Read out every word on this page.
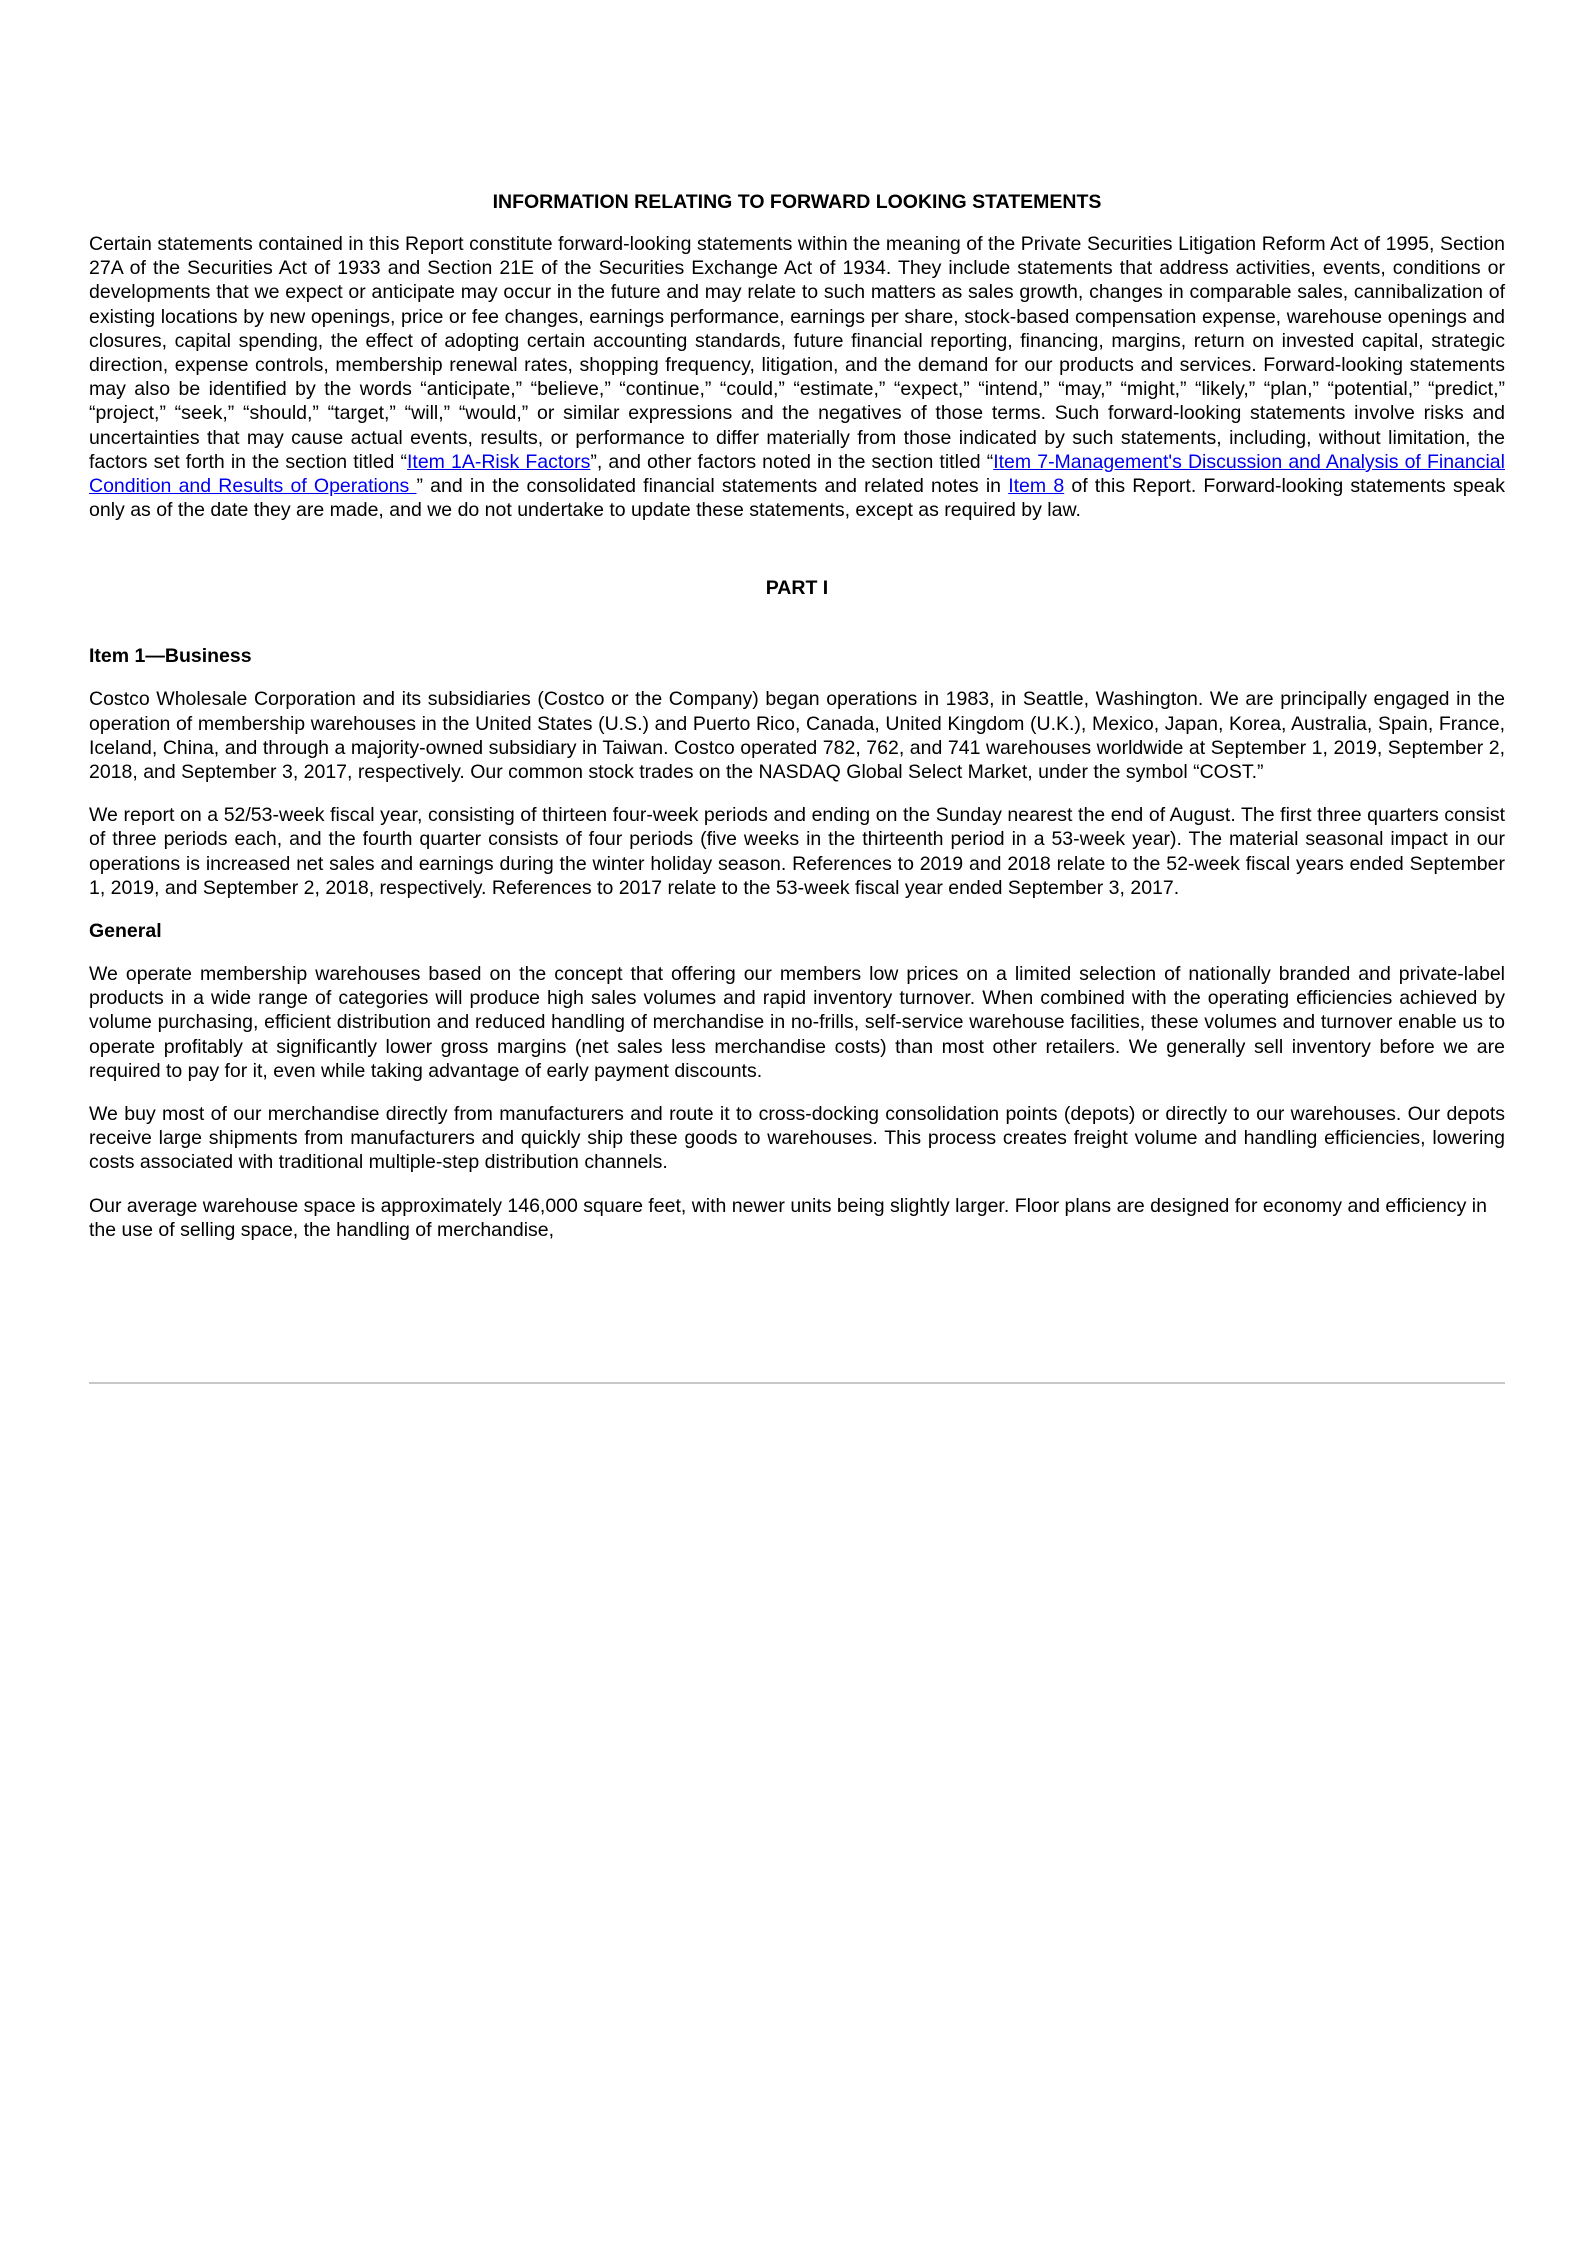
INFORMATION RELATING TO FORWARD LOOKING STATEMENTS

Certain statements contained in this Report constitute forward-looking statements within the meaning of the Private Securities Litigation Reform Act of 1995, Section 27A of the Securities Act of 1933 and Section 21E of the Securities Exchange Act of 1934. They include statements that address activities, events, conditions or developments that we expect or anticipate may occur in the future and may relate to such matters as sales growth, changes in comparable sales, cannibalization of existing locations by new openings, price or fee changes, earnings performance, earnings per share, stock-based compensation expense, warehouse openings and closures, capital spending, the effect of adopting certain accounting standards, future financial reporting, financing, margins, return on invested capital, strategic direction, expense controls, membership renewal rates, shopping frequency, litigation, and the demand for our products and services. Forward-looking statements may also be identified by the words “anticipate,” “believe,” “continue,” “could,” “estimate,” “expect,” “intend,” “may,” “might,” “likely,” “plan,” “potential,” “predict,” “project,” “seek,” “should,” “target,” “will,” “would,” or similar expressions and the negatives of those terms. Such forward-looking statements involve risks and uncertainties that may cause actual events, results, or performance to differ materially from those indicated by such statements, including, without limitation, the factors set forth in the section titled “Item 1A-Risk Factors”, and other factors noted in the section titled “Item 7-Management's Discussion and Analysis of Financial Condition and Results of Operations ” and in the consolidated financial statements and related notes in Item 8 of this Report. Forward-looking statements speak only as of the date they are made, and we do not undertake to update these statements, except as required by law.

PART I
Item 1—Business

Costco Wholesale Corporation and its subsidiaries (Costco or the Company) began operations in 1983, in Seattle, Washington. We are principally engaged in the operation of membership warehouses in the United States (U.S.) and Puerto Rico, Canada, United Kingdom (U.K.), Mexico, Japan, Korea, Australia, Spain, France, Iceland, China, and through a majority-owned subsidiary in Taiwan. Costco operated 782, 762, and 741 warehouses worldwide at September 1, 2019, September 2, 2018, and September 3, 2017, respectively. Our common stock trades on the NASDAQ Global Select Market, under the symbol “COST.”

We report on a 52/53-week fiscal year, consisting of thirteen four-week periods and ending on the Sunday nearest the end of August. The first three quarters consist of three periods each, and the fourth quarter consists of four periods (five weeks in the thirteenth period in a 53-week year). The material seasonal impact in our operations is increased net sales and earnings during the winter holiday season. References to 2019 and 2018 relate to the 52-week fiscal years ended September 1, 2019, and September 2, 2018, respectively. References to 2017 relate to the 53-week fiscal year ended September 3, 2017.

General

We operate membership warehouses based on the concept that offering our members low prices on a limited selection of nationally branded and private-label products in a wide range of categories will produce high sales volumes and rapid inventory turnover. When combined with the operating efficiencies achieved by volume purchasing, efficient distribution and reduced handling of merchandise in no-frills, self-service warehouse facilities, these volumes and turnover enable us to operate profitably at significantly lower gross margins (net sales less merchandise costs) than most other retailers. We generally sell inventory before we are required to pay for it, even while taking advantage of early payment discounts.

We buy most of our merchandise directly from manufacturers and route it to cross-docking consolidation points (depots) or directly to our warehouses. Our depots receive large shipments from manufacturers and quickly ship these goods to warehouses. This process creates freight volume and handling efficiencies, lowering costs associated with traditional multiple-step distribution channels.

Our average warehouse space is approximately 146,000 square feet, with newer units being slightly larger. Floor plans are designed for economy and efficiency in the use of selling space, the handling of merchandise,
